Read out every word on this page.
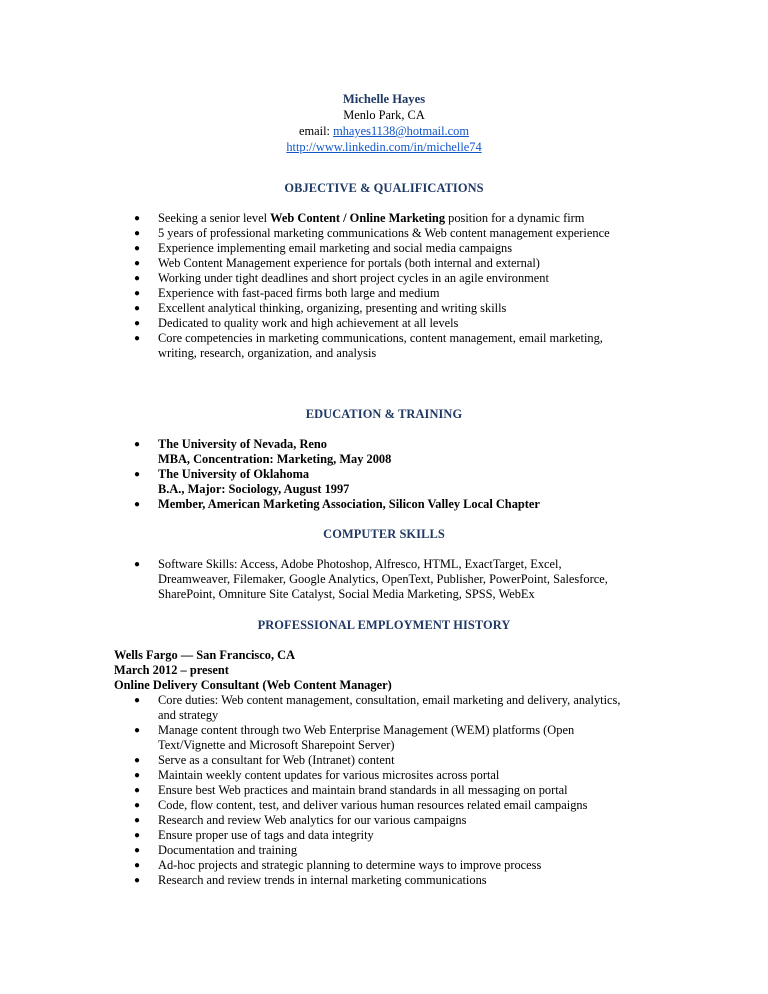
Michelle Hayes
Menlo Park, CA
email: mhayes1138@hotmail.com
http://www.linkedin.com/in/michelle74
OBJECTIVE & QUALIFICATIONS
● Seeking a senior level Web Content / Online Marketing position for a dynamic firm
● 5 years of professional marketing communications & Web content management experience
● Experience implementing email marketing and social media campaigns
● Web Content Management experience for portals (both internal and external)
● Working under tight deadlines and short project cycles in an agile environment
● Experience with fast-paced firms both large and medium
● Excellent analytical thinking, organizing, presenting and writing skills
● Dedicated to quality work and high achievement at all levels
● Core competencies in marketing communications, content management, email marketing, writing, research, organization, and analysis
EDUCATION & TRAINING
● The University of Nevada, Reno
MBA, Concentration: Marketing, May 2008
● The University of Oklahoma
B.A., Major: Sociology, August 1997
● Member, American Marketing Association, Silicon Valley Local Chapter
COMPUTER SKILLS
● Software Skills: Access, Adobe Photoshop, Alfresco, HTML, ExactTarget, Excel, Dreamweaver, Filemaker, Google Analytics, OpenText, Publisher, PowerPoint, Salesforce, SharePoint, Omniture Site Catalyst, Social Media Marketing, SPSS, WebEx
PROFESSIONAL EMPLOYMENT HISTORY
Wells Fargo — San Francisco, CA
March 2012 – present
Online Delivery Consultant (Web Content Manager)
● Core duties: Web content management, consultation, email marketing and delivery, analytics, and strategy
● Manage content through two Web Enterprise Management (WEM) platforms (Open Text/Vignette and Microsoft Sharepoint Server)
● Serve as a consultant for Web (Intranet) content
● Maintain weekly content updates for various microsites across portal
● Ensure best Web practices and maintain brand standards in all messaging on portal
● Code, flow content, test, and deliver various human resources related email campaigns
● Research and review Web analytics for our various campaigns
● Ensure proper use of tags and data integrity
● Documentation and training
● Ad-hoc projects and strategic planning to determine ways to improve process
● Research and review trends in internal marketing communications
